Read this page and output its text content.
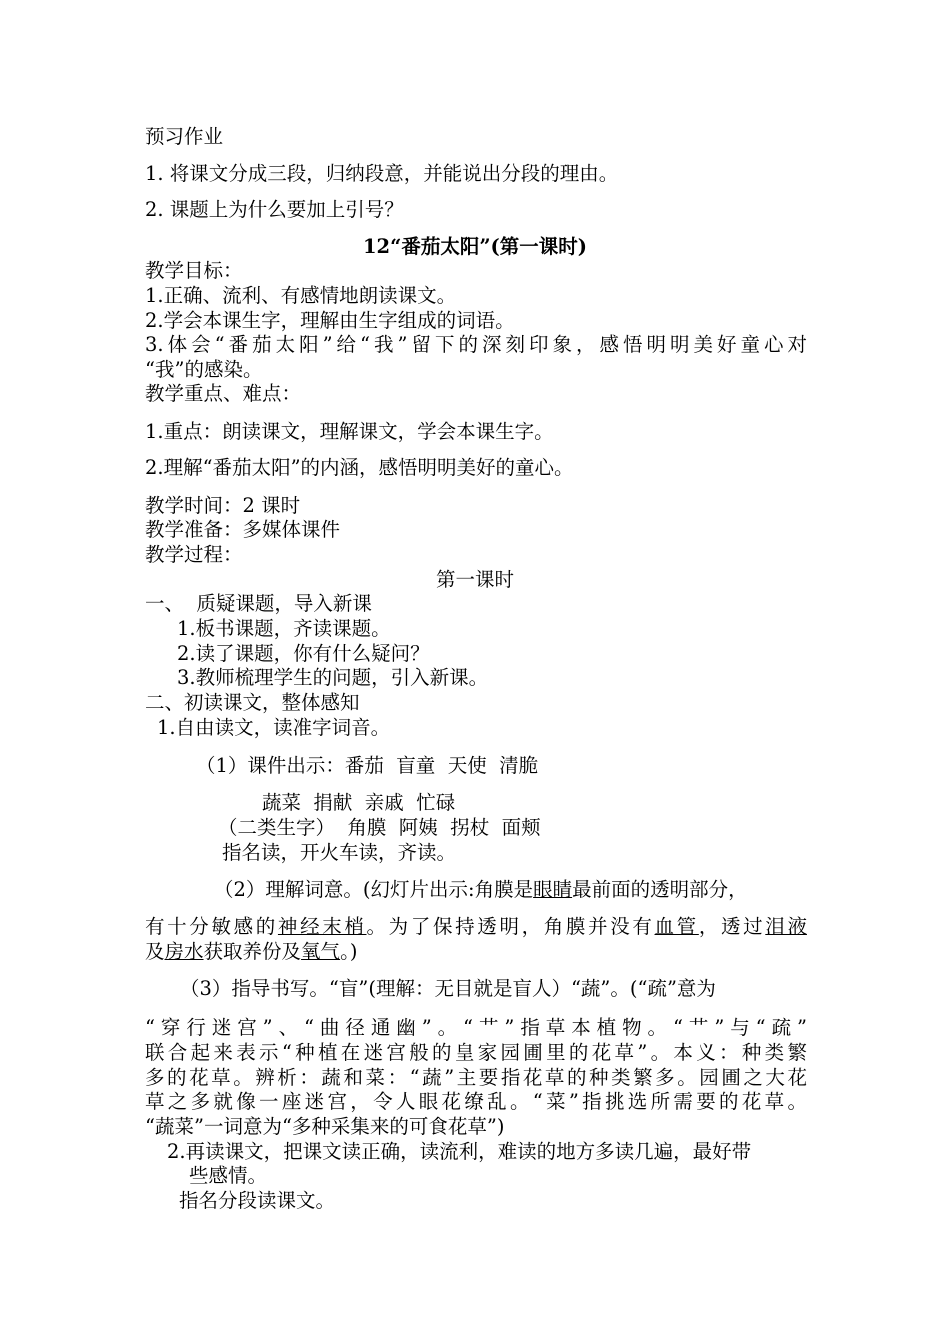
预习作业
1. 将课文分成三段，归纳段意，并能说出分段的理由。
2. 课题上为什么要加上引号？
12“番茄太阳”(第一课时)
教学目标：
1.正确、流利、有感情地朗读课文。
2.学会本课生字，理解由生字组成的词语。
3.体会“番茄太阳”给“我”留下的深刻印象，感悟明明美好童心对
“我”的感染。
教学重点、难点：
1.重点：朗读课文，理解课文，学会本课生字。
2.理解“番茄太阳”的内涵，感悟明明美好的童心。
教学时间：2 课时
教学准备：多媒体课件
教学过程：
第一课时
一、  质疑课题，导入新课
1.板书课题，齐读课题。
2.读了课题，你有什么疑问？
3.教师梳理学生的问题，引入新课。
二、初读课文，整体感知
1.自由读文，读准字词音。
（1）课件出示：番茄  盲童  天使  清脆
蔬菜  捐献  亲戚  忙碌
（二类生字）  角膜  阿姨  拐杖  面颊
指名读，开火车读，齐读。
（2）理解词意。(幻灯片出示:角膜是眼睛最前面的透明部分，
有十分敏感的神经末梢。为了保持透明，角膜并没有血管，透过泪液
及房水获取养份及氧气。)
（3）指导书写。“盲”(理解：无目就是盲人）“蔬”。(“疏”意为
“穿行迷宫”、“曲径通幽”。“艹”指草本植物。“艹”与“疏”
联合起来表示“种植在迷宫般的皇家园圃里的花草”。本义：种类繁
多的花草。辨析：蔬和菜：“蔬”主要指花草的种类繁多。园圃之大花
草之多就像一座迷宫，令人眼花缭乱。“菜”指挑选所需要的花草。
“蔬菜”一词意为“多种采集来的可食花草”)
2.再读课文，把课文读正确，读流利，难读的地方多读几遍，最好带
些感情。
指名分段读课文。
